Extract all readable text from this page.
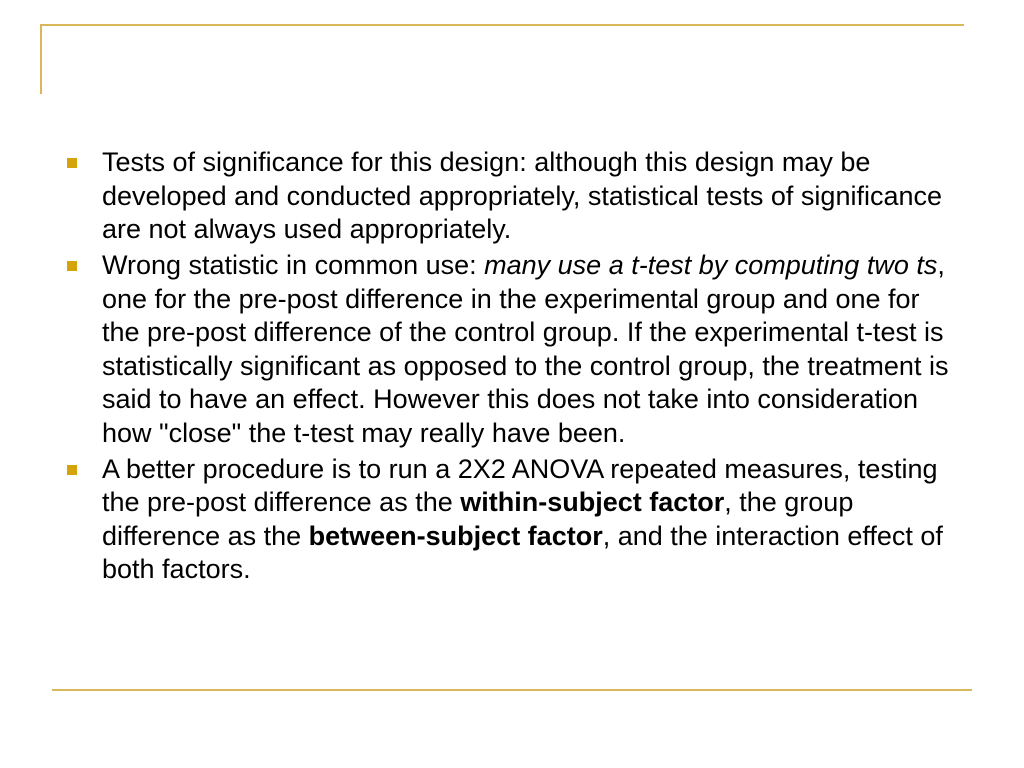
Tests of significance for this design: although this design may be developed and conducted appropriately, statistical tests of significance are not always used appropriately.
Wrong statistic in common use: many use a t-test by computing two ts, one for the pre-post difference in the experimental group and one for the pre-post difference of the control group. If the experimental t-test is statistically significant as opposed to the control group, the treatment is said to have an effect. However this does not take into consideration how "close" the t-test may really have been.
A better procedure is to run a 2X2 ANOVA repeated measures, testing the pre-post difference as the within-subject factor, the group difference as the between-subject factor, and the interaction effect of both factors.
